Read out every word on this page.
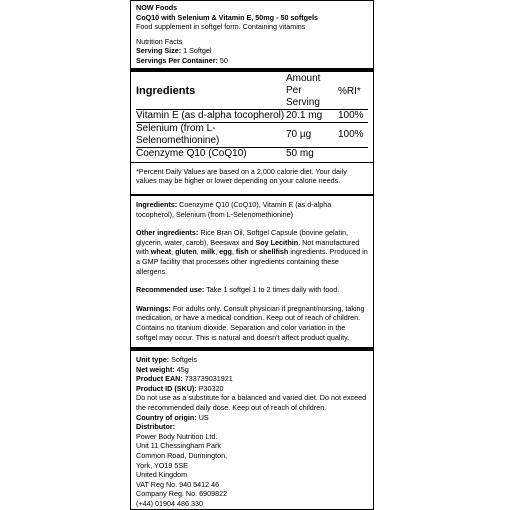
NOW Foods
CoQ10 with Selenium & Vitamin E, 50mg - 50 softgels
Food supplement in softgel form. Containing vitamins
Nutrition Facts
Serving Size: 1 Softgel
Servings Per Container: 50
Ingredients	Amount Per Serving	%RI*
Vitamin E (as d-alpha tocopherol)	20.1 mg	100%
Selenium (from L-Selenomethionine)	70 µg	100%
Coenzyme Q10 (CoQ10)	50 mg	
*Percent Daily Values are based on a 2,000 calorie diet. Your daily values may be higher or lower depending on your calorie needs.
Ingredients: Coenzyme Q10 (CoQ10), Vitamin E (as d-alpha tocopherol), Selenium (from L-Selenomethionine)
Other ingredients: Rice Bran Oil, Softgel Capsule (bovine gelatin, glycerin, water, carob), Beeswax and Soy Lecithin. Not manufactured with wheat, gluten, milk, egg, fish or shellfish ingredients. Produced in a GMP facility that processes other ingredients containing these allergens.
Recommended use: Take 1 softgel 1 to 2 times daily with food.
Warnings: For adults only. Consult physician if pregnant/nursing, taking medication, or have a medical condition. Keep out of reach of children. Contains no titanium dioxide. Separation and color variation in the softgel may occur. This is natural and doesn't affect product quality.
Unit type: Softgels
Net weight: 45g
Product EAN: 733739031921
Product ID (SKU): P30320
Do not use as a substitute for a balanced and varied diet. Do not exceed the recommended daily dose. Keep out of reach of children.
Country of origin: US
Distributor:
Power Body Nutrition Ltd.
Unit 11 Chessingham Park
Common Road, Dunnington,
York, YO19 5SE
United Kingdom
VAT Reg No. 940 5412 46
Company Reg. No. 6909822
(+44) 01904 486 330
